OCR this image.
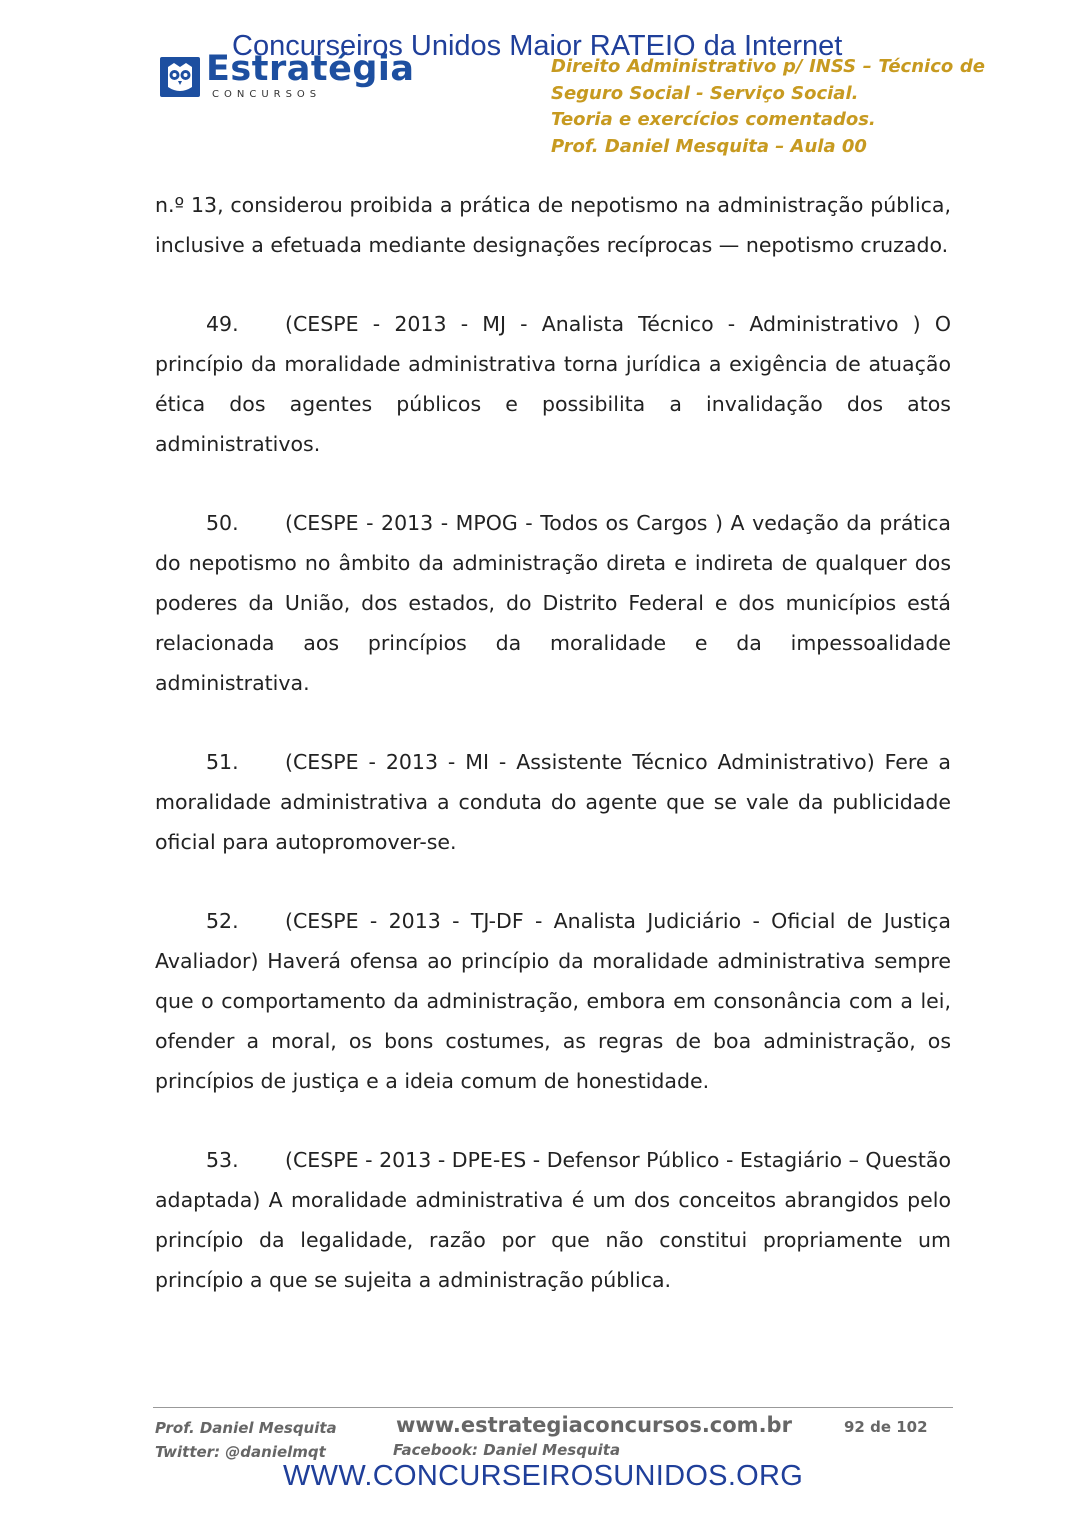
Concurseiros Unidos Maior RATEIO da Internet
Estratégia
CONCURSOS
Direito Administrativo p/ INSS – Técnico de
Seguro Social - Serviço Social.
Teoria e exercícios comentados.
Prof. Daniel Mesquita – Aula 00

n.º 13, considerou proibida a prática de nepotismo na administração pública, inclusive a efetuada mediante designações recíprocas — nepotismo cruzado.

49. (CESPE - 2013 - MJ - Analista Técnico - Administrativo ) O princípio da moralidade administrativa torna jurídica a exigência de atuação ética dos agentes públicos e possibilita a invalidação dos atos administrativos.

50. (CESPE - 2013 - MPOG - Todos os Cargos ) A vedação da prática do nepotismo no âmbito da administração direta e indireta de qualquer dos poderes da União, dos estados, do Distrito Federal e dos municípios está relacionada aos princípios da moralidade e da impessoalidade administrativa.

51. (CESPE - 2013 - MI - Assistente Técnico Administrativo) Fere a moralidade administrativa a conduta do agente que se vale da publicidade oficial para autopromover-se.

52. (CESPE - 2013 - TJ-DF - Analista Judiciário - Oficial de Justiça Avaliador) Haverá ofensa ao princípio da moralidade administrativa sempre que o comportamento da administração, embora em consonância com a lei, ofender a moral, os bons costumes, as regras de boa administração, os princípios de justiça e a ideia comum de honestidade.

53. (CESPE - 2013 - DPE-ES - Defensor Público - Estagiário – Questão adaptada) A moralidade administrativa é um dos conceitos abrangidos pelo princípio da legalidade, razão por que não constitui propriamente um princípio a que se sujeita a administração pública.

Prof. Daniel Mesquita
Twitter: @danielmqt
www.estrategiaconcursos.com.br
Facebook: Daniel Mesquita
92 de 102
WWW.CONCURSEIROSUNIDOS.ORG
